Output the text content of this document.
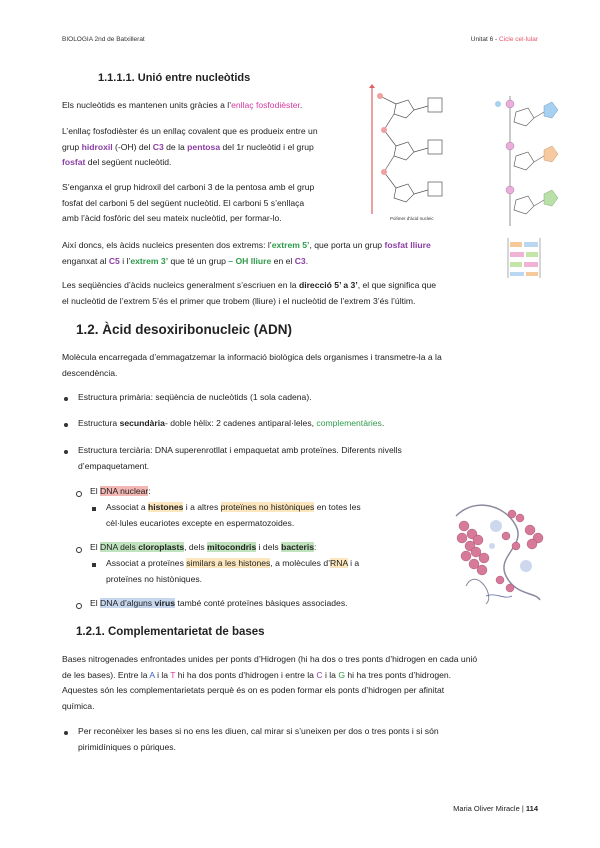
BIOLOGIA 2nd de Batxillerat	Unitat 6 - Cicle cel·lular
1.1.1.1. Unió entre nucleòtids
Els nucleòtids es mantenen units gràcies a l’enllaç fosfodièster.
L’enllaç fosfodièster és un enllaç covalent que es produeix entre un
grup hidroxil (-OH) del C3 de la pentosa del 1r nucleòtid i el grup
fosfat del següent nucleòtid.
S’enganxa el grup hidroxil del carboni 3 de la pentosa amb el grup
fosfat del carboni 5 del següent nucleòtid. El carboni 5 s’enllaça
amb l’àcid fosfòric del seu mateix nucleòtid, per formar-lo.	Polímer d'àcid nucleic
Així doncs, els àcids nucleics presenten dos extrems: l’extrem 5’, que porta un grup fosfat lliure
enganxat al C5 i l’extrem 3’ que té un grup – OH lliure en el C3.
Les seqüències d’àcids nucleics generalment s’escriuen en la direcció 5’ a 3’, el que significa que
el nucleòtid de l’extrem 5’és el primer que trobem (lliure) i el nucleòtid de l’extrem 3’és l’últim.
1.2. Àcid desoxiribonucleic (ADN)
Molècula encarregada d’emmagatzemar la informació biològica dels organismes i transmetre-la a la
descendència.
Estructura primària: seqüència de nucleòtids (1 sola cadena).
Estructura secundària- doble hèlix: 2 cadenes antiparal·leles, complementàries.
Estructura terciària: DNA superenrotllat i empaquetat amb proteïnes. Diferents nivells
d’empaquetament.
El DNA nuclear:
Associat a histones i a altres proteïnes no històniques en totes les
cèl·lules eucariotes excepte en espermatozoides.
El DNA dels cloroplasts, dels mitocondris i dels bacteris:
Associat a proteïnes similars a les histones, a molècules d’RNA i a
proteïnes no històniques.
El DNA d’alguns virus també conté proteïnes bàsiques associades.
1.2.1. Complementarietat de bases
Bases nitrogenades enfrontades unides per ponts d’Hidrogen (hi ha dos o tres ponts d’hidrogen en cada unió
de les bases). Entre la A i la T hi ha dos ponts d’hidrogen i entre la C i la G hi ha tres ponts d’hidrogen.
Aquestes són les complementarietats perquè és on es poden formar els ponts d’hidrogen per afinitat
química.
Per reconèixer les bases si no ens les diuen, cal mirar si s’uneixen per dos o tres ponts i si són
pirimidíniques o púriques.
Maria Oliver Miracle | 114
